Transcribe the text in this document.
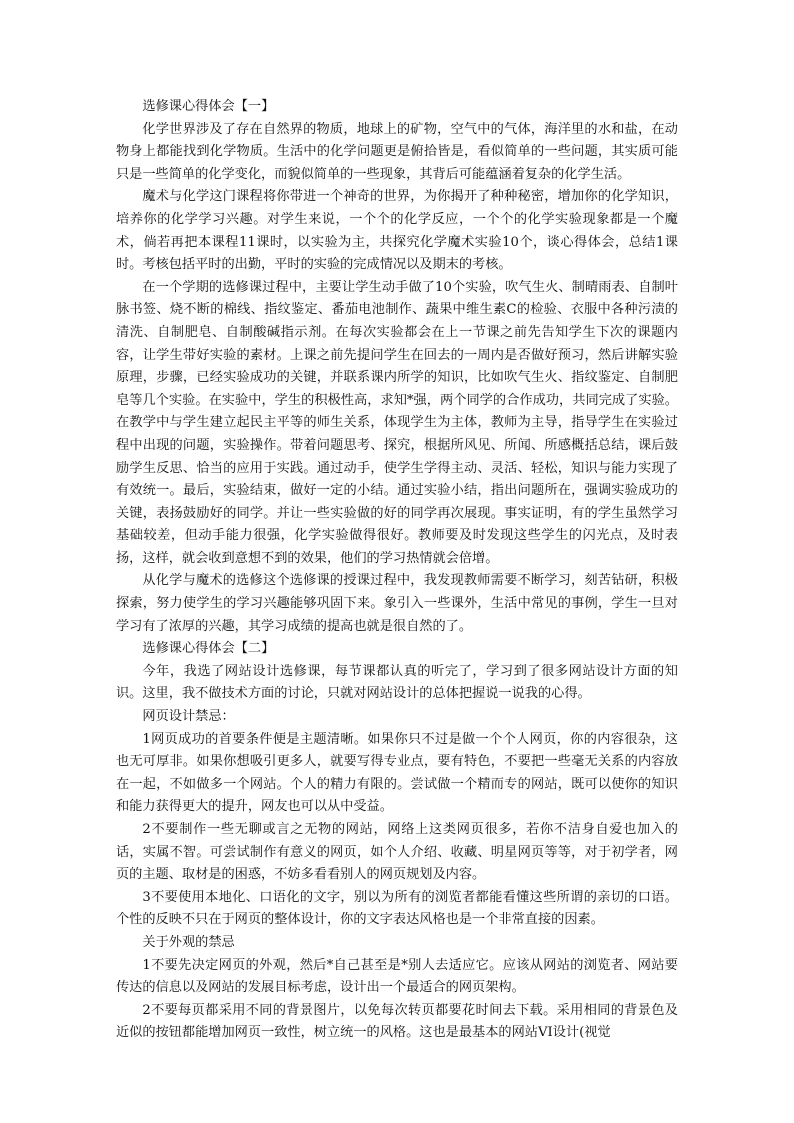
选修课心得体会【一】

化学世界涉及了存在自然界的物质，地球上的矿物，空气中的气体，海洋里的水和盐，在动物身上都能找到化学物质。生活中的化学问题更是俯拾皆是，看似简单的一些问题，其实质可能只是一些简单的化学变化，而貌似简单的一些现象，其背后可能蕴涵着复杂的化学生活。

魔术与化学这门课程将你带进一个神奇的世界，为你揭开了种种秘密，增加你的化学知识，培养你的化学学习兴趣。对学生来说，一个个的化学反应，一个个的化学实验现象都是一个魔术，倘若再把本课程11课时，以实验为主，共探究化学魔术实验10个，谈心得体会，总结1课时。考核包括平时的出勤，平时的实验的完成情况以及期末的考核。

在一个学期的选修课过程中，主要让学生动手做了10个实验，吹气生火、制晴雨表、自制叶脉书签、烧不断的棉线、指纹鉴定、番茄电池制作、蔬果中维生素C的检验、衣服中各种污渍的清洗、自制肥皂、自制酸碱指示剂。在每次实验都会在上一节课之前先告知学生下次的课题内容，让学生带好实验的素材。上课之前先提问学生在回去的一周内是否做好预习，然后讲解实验原理，步骤，已经实验成功的关键，并联系课内所学的知识，比如吹气生火、指纹鉴定、自制肥皂等几个实验。在实验中，学生的积极性高，求知*强，两个同学的合作成功，共同完成了实验。在教学中与学生建立起民主平等的师生关系，体现学生为主体，教师为主导，指导学生在实验过程中出现的问题，实验操作。带着问题思考、探究，根据所风见、所闻、所感概括总结，课后鼓励学生反思、恰当的应用于实践。通过动手，使学生学得主动、灵活、轻松，知识与能力实现了有效统一。最后，实验结束，做好一定的小结。通过实验小结，指出问题所在，强调实验成功的关键，表扬鼓励好的同学。并让一些实验做的好的同学再次展现。事实证明，有的学生虽然学习基础较差，但动手能力很强，化学实验做得很好。教师要及时发现这些学生的闪光点，及时表扬，这样，就会收到意想不到的效果，他们的学习热情就会倍增。

从化学与魔术的选修这个选修课的授课过程中，我发现教师需要不断学习，刻苦钻研，积极探索，努力使学生的学习兴趣能够巩固下来。象引入一些课外，生活中常见的事例，学生一旦对学习有了浓厚的兴趣，其学习成绩的提高也就是很自然的了。

选修课心得体会【二】

今年，我选了网站设计选修课，每节课都认真的听完了，学习到了很多网站设计方面的知识。这里，我不做技术方面的讨论，只就对网站设计的总体把握说一说我的心得。

网页设计禁忌：

1网页成功的首要条件便是主题清晰。如果你只不过是做一个个人网页，你的内容很杂，这也无可厚非。如果你想吸引更多人，就要写得专业点，要有特色，不要把一些毫无关系的内容放在一起，不如做多一个网站。个人的精力有限的。尝试做一个精而专的网站，既可以使你的知识和能力获得更大的提升，网友也可以从中受益。

2不要制作一些无聊或言之无物的网站，网络上这类网页很多，若你不洁身自爱也加入的话，实属不智。可尝试制作有意义的网页，如个人介绍、收藏、明星网页等等，对于初学者，网页的主题、取材是的困惑，不妨多看看别人的网页规划及内容。

3不要使用本地化、口语化的文字，别以为所有的浏览者都能看懂这些所谓的亲切的口语。个性的反映不只在于网页的整体设计，你的文字表达风格也是一个非常直接的因素。

关于外观的禁忌

1不要先决定网页的外观，然后*自己甚至是*别人去适应它。应该从网站的浏览者、网站要传达的信息以及网站的发展目标考虑，设计出一个最适合的网页架构。

2不要每页都采用不同的背景图片，以免每次转页都要花时间去下载。采用相同的背景色及近似的按钮都能增加网页一致性，树立统一的风格。这也是最基本的网站VI设计(视觉
